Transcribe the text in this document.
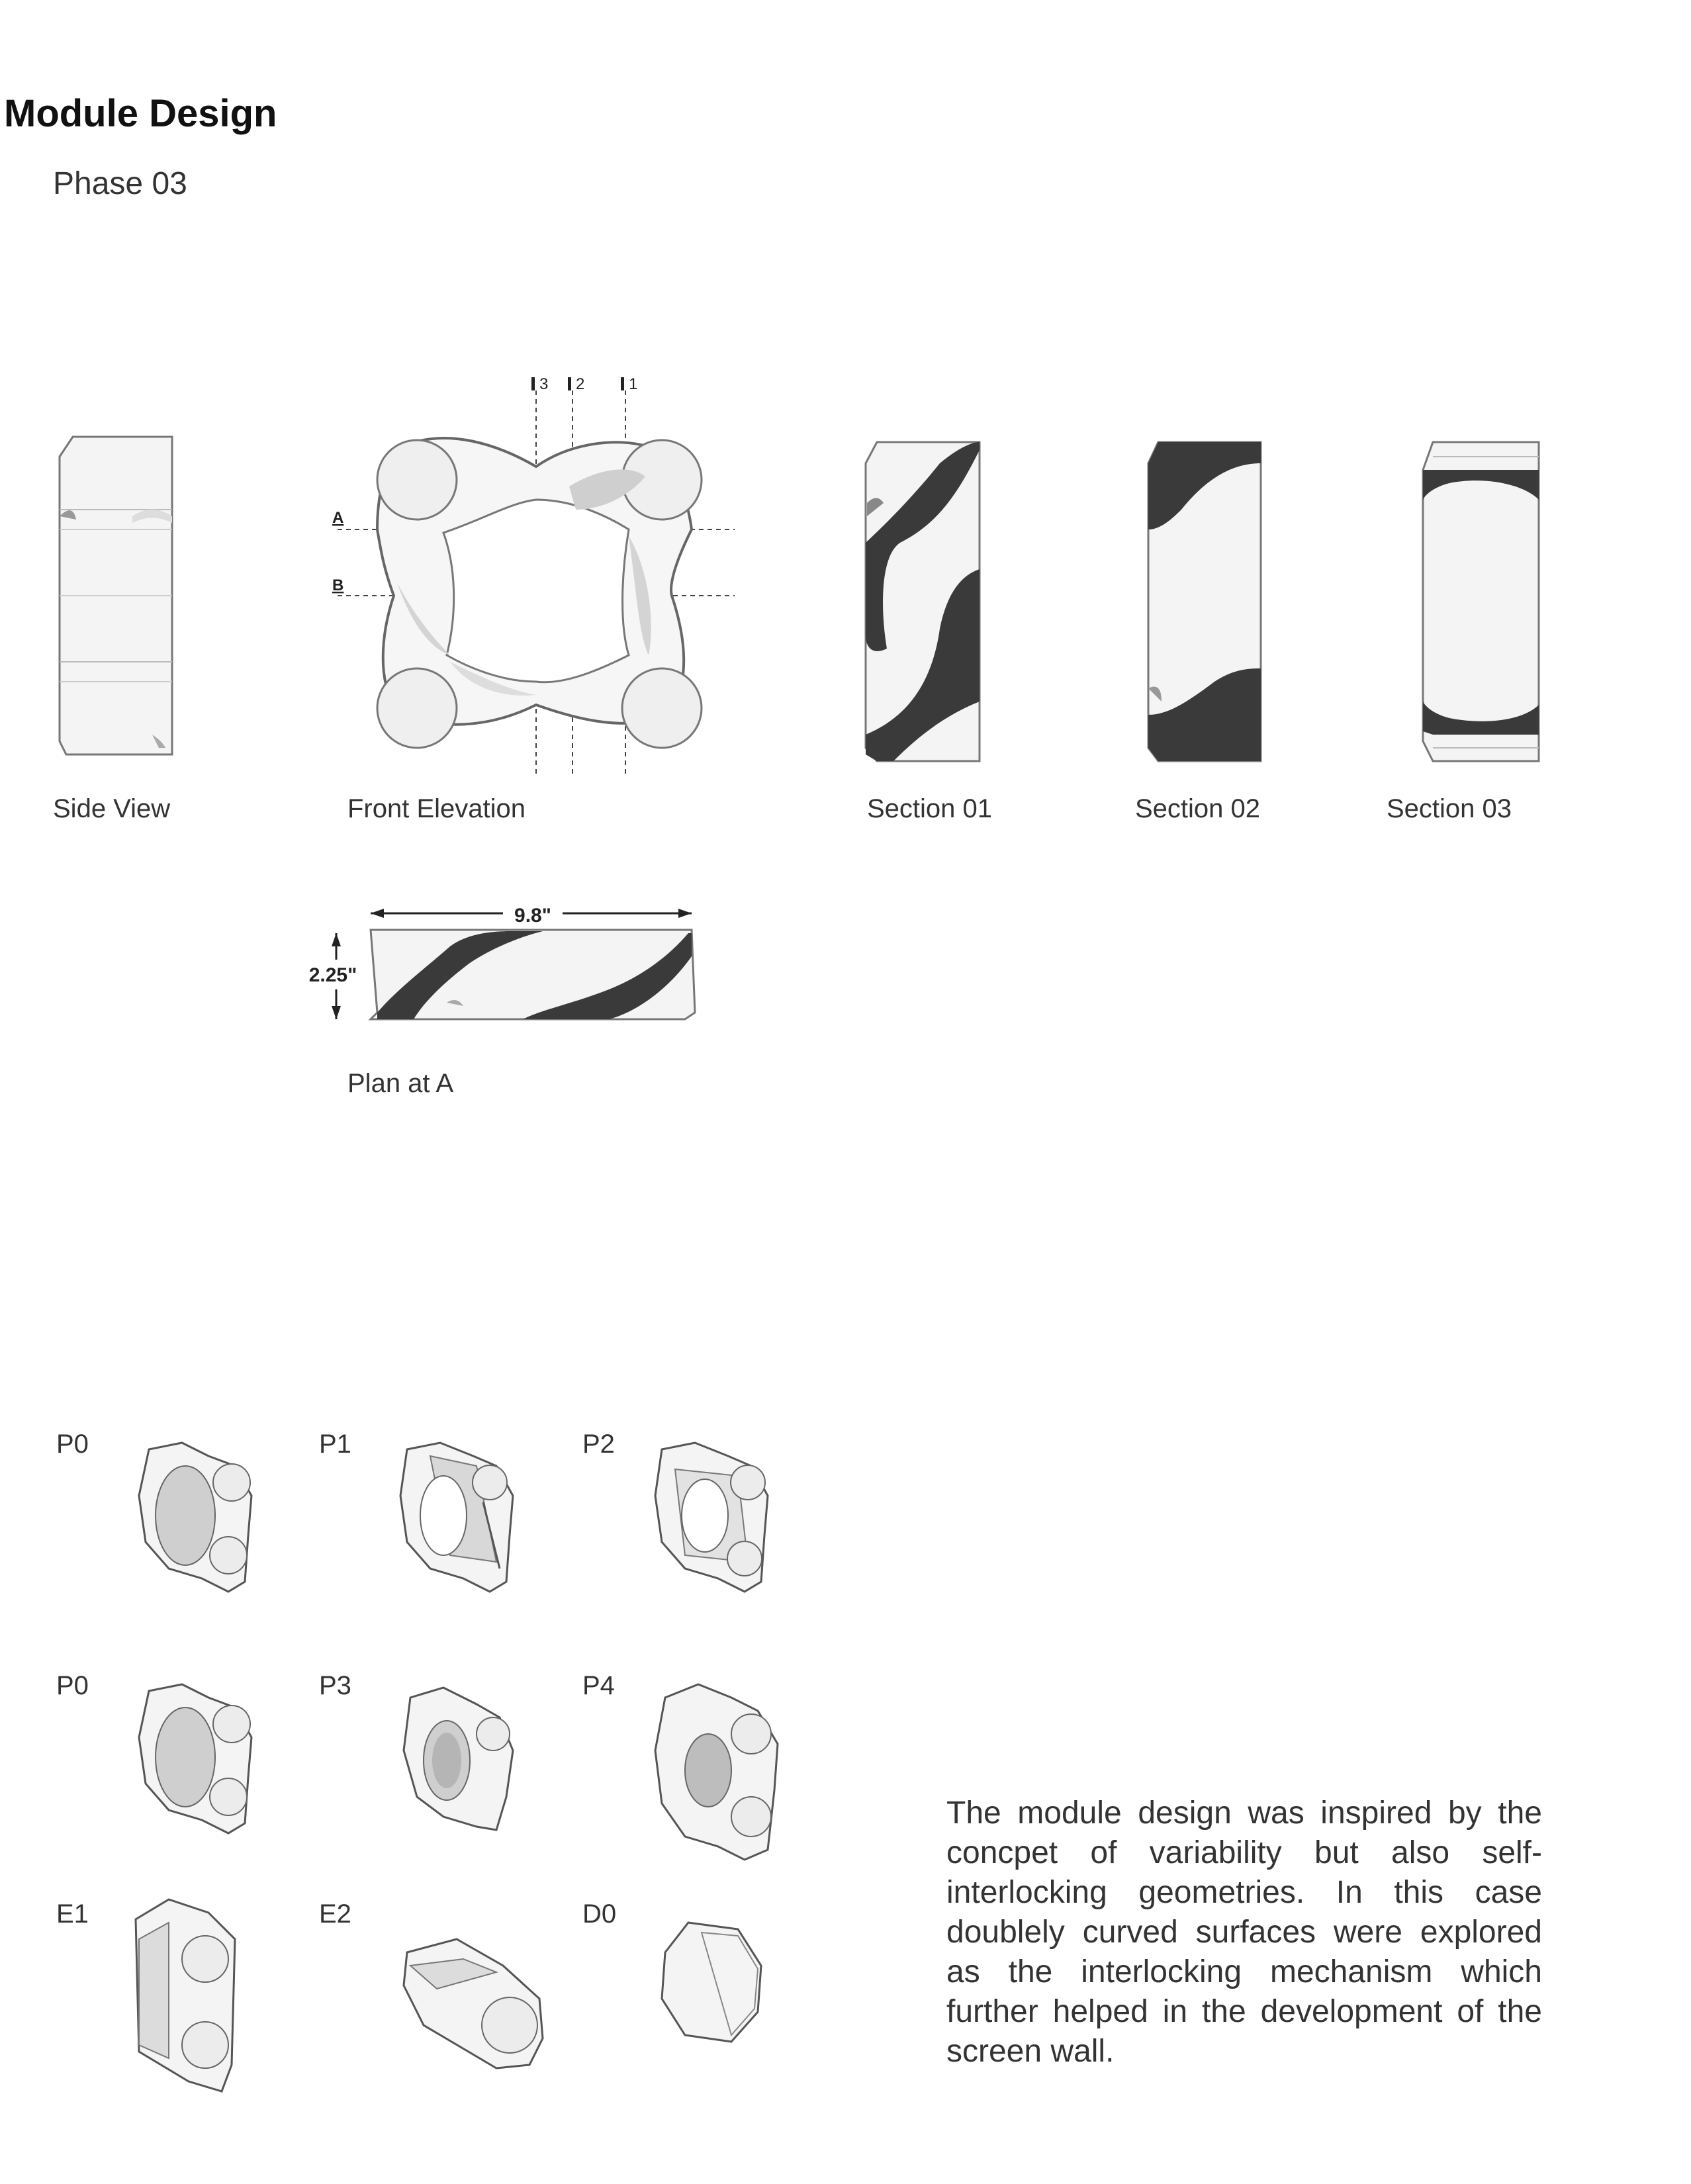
Module Design
Phase 03
Side View
3 2	1
A
B
Front Elevation	Section 01	Section 02	Section 03
9.8"
2.25"
Plan at A
P0	P1	P2
P0	P3	P4
E1	E2	D0
The module design was inspired by the concpet of variability but also self-interlocking geometries. In this case doublely curved surfaces were explored as the interlocking mechanism which further helped in the development of the screen wall.
